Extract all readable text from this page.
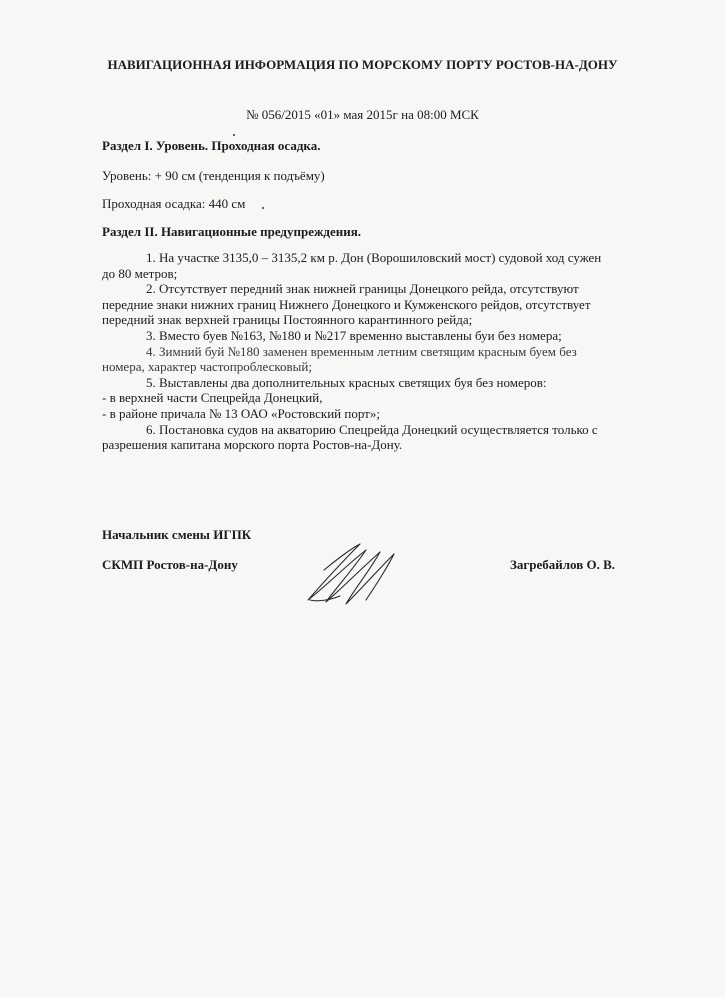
НАВИГАЦИОННАЯ ИНФОРМАЦИЯ ПО МОРСКОМУ ПОРТУ РОСТОВ-НА-ДОНУ

№ 056/2015 «01» мая 2015г на 08:00 МСК

Раздел I. Уровень. Проходная осадка.

Уровень: + 90 см (тенденция к подъёму)

Проходная осадка: 440 см

Раздел II. Навигационные предупреждения.

1. На участке 3135,0 – 3135,2 км р. Дон (Ворошиловский мост) судовой ход сужен

до 80 метров;

2. Отсутствует передний знак нижней границы Донецкого рейда, отсутствуют

передние знаки нижних границ Нижнего Донецкого и Кумженского рейдов, отсутствует передний знак верхней границы Постоянного карантинного рейда;

3. Вместо буев №163, №180 и №217 временно выставлены буи без номера;

4. Зимний буй №180 заменен временным летним светящим красным буем без

номера, характер частопроблесковый;

5. Выставлены два дополнительных красных светящих буя без номеров:

- в верхней части Спецрейда Донецкий,

- в районе причала № 13 ОАО «Ростовский порт»;

6. Постановка судов на акваторию Спецрейда Донецкий осуществляется только с

разрешения капитана морского порта Ростов-на-Дону.

Начальник смены ИГПК

СКМП Ростов-на-Дону	Загребайлов О. В.
